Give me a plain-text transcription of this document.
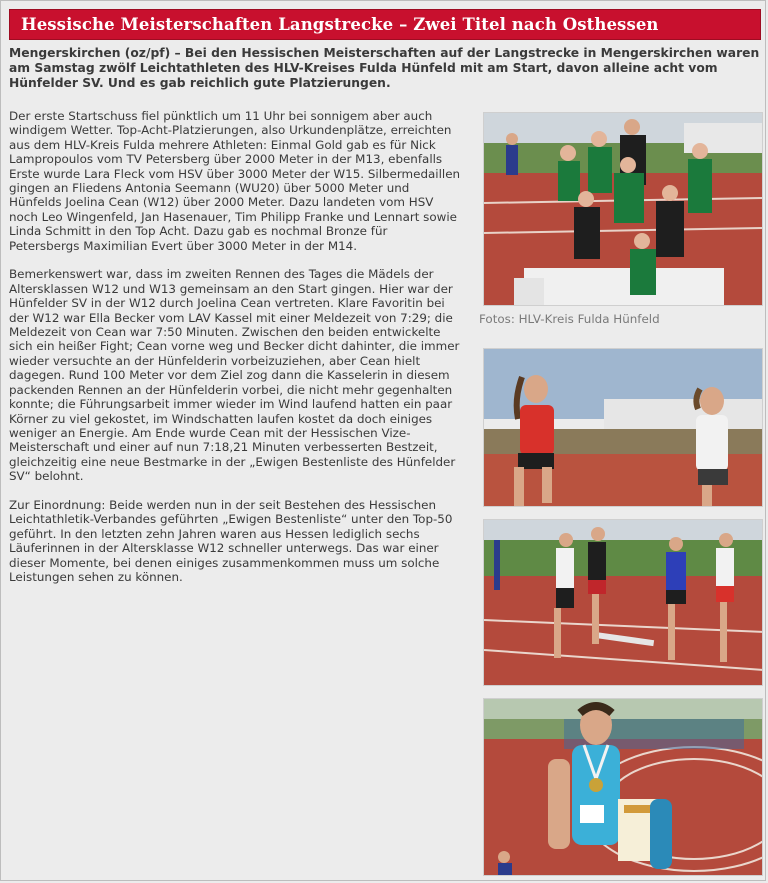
Hessische Meisterschaften Langstrecke – Zwei Titel nach Osthessen

Mengerskirchen (oz/pf) – Bei den Hessischen Meisterschaften auf der Langstrecke in Mengerskirchen waren am Samstag zwölf Leichtathleten des HLV-Kreises Fulda Hünfeld mit am Start, davon alleine acht vom Hünfelder SV. Und es gab reichlich gute Platzierungen.

Der erste Startschuss fiel pünktlich um 11 Uhr bei sonnigem aber auch windigem Wetter. Top-Acht-Platzierungen, also Urkundenplätze, erreichten aus dem HLV-Kreis Fulda mehrere Athleten: Einmal Gold gab es für Nick Lampropoulos vom TV Petersberg über 2000 Meter in der M13, ebenfalls Erste wurde Lara Fleck vom HSV über 3000 Meter der W15. Silbermedaillen gingen an Fliedens Antonia Seemann (WU20) über 5000 Meter und Hünfelds Joelina Cean (W12) über 2000 Meter. Dazu landeten vom HSV noch Leo Wingenfeld, Jan Hasenauer, Tim Philipp Franke und Lennart sowie Linda Schmitt in den Top Acht. Dazu gab es nochmal Bronze für Petersbergs Maximilian Evert über 3000 Meter in der M14.

Bemerkenswert war, dass im zweiten Rennen des Tages die Mädels der Altersklassen W12 und W13 gemeinsam an den Start gingen. Hier war der Hünfelder SV in der W12 durch Joelina Cean vertreten. Klare Favoritin bei der W12 war Ella Becker vom LAV Kassel mit einer Meldezeit von 7:29; die Meldezeit von Cean war 7:50 Minuten. Zwischen den beiden entwickelte sich ein heißer Fight; Cean vorne weg und Becker dicht dahinter, die immer wieder versuchte an der Hünfelderin vorbeizuziehen, aber Cean hielt dagegen. Rund 100 Meter vor dem Ziel zog dann die Kasselerin in diesem packenden Rennen an der Hünfelderin vorbei, die nicht mehr gegenhalten konnte; die Führungsarbeit immer wieder im Wind laufend hatten ein paar Körner zu viel gekostet, im Windschatten laufen kostet da doch einiges weniger an Energie. Am Ende wurde Cean mit der Hessischen Vize-Meisterschaft und einer auf nun 7:18,21 Minuten verbesserten Bestzeit, gleichzeitig eine neue Bestmarke in der „Ewigen Bestenliste des Hünfelder SV“ belohnt.

Zur Einordnung: Beide werden nun in der seit Bestehen des Hessischen Leichtathletik-Verbandes geführten „Ewigen Bestenliste“ unter den Top-50 geführt. In den letzten zehn Jahren waren aus Hessen lediglich sechs Läuferinnen in der Altersklasse W12 schneller unterwegs. Das war einer dieser Momente, bei denen einiges zusammenkommen muss um solche Leistungen sehen zu können.

Fotos: HLV-Kreis Fulda Hünfeld
